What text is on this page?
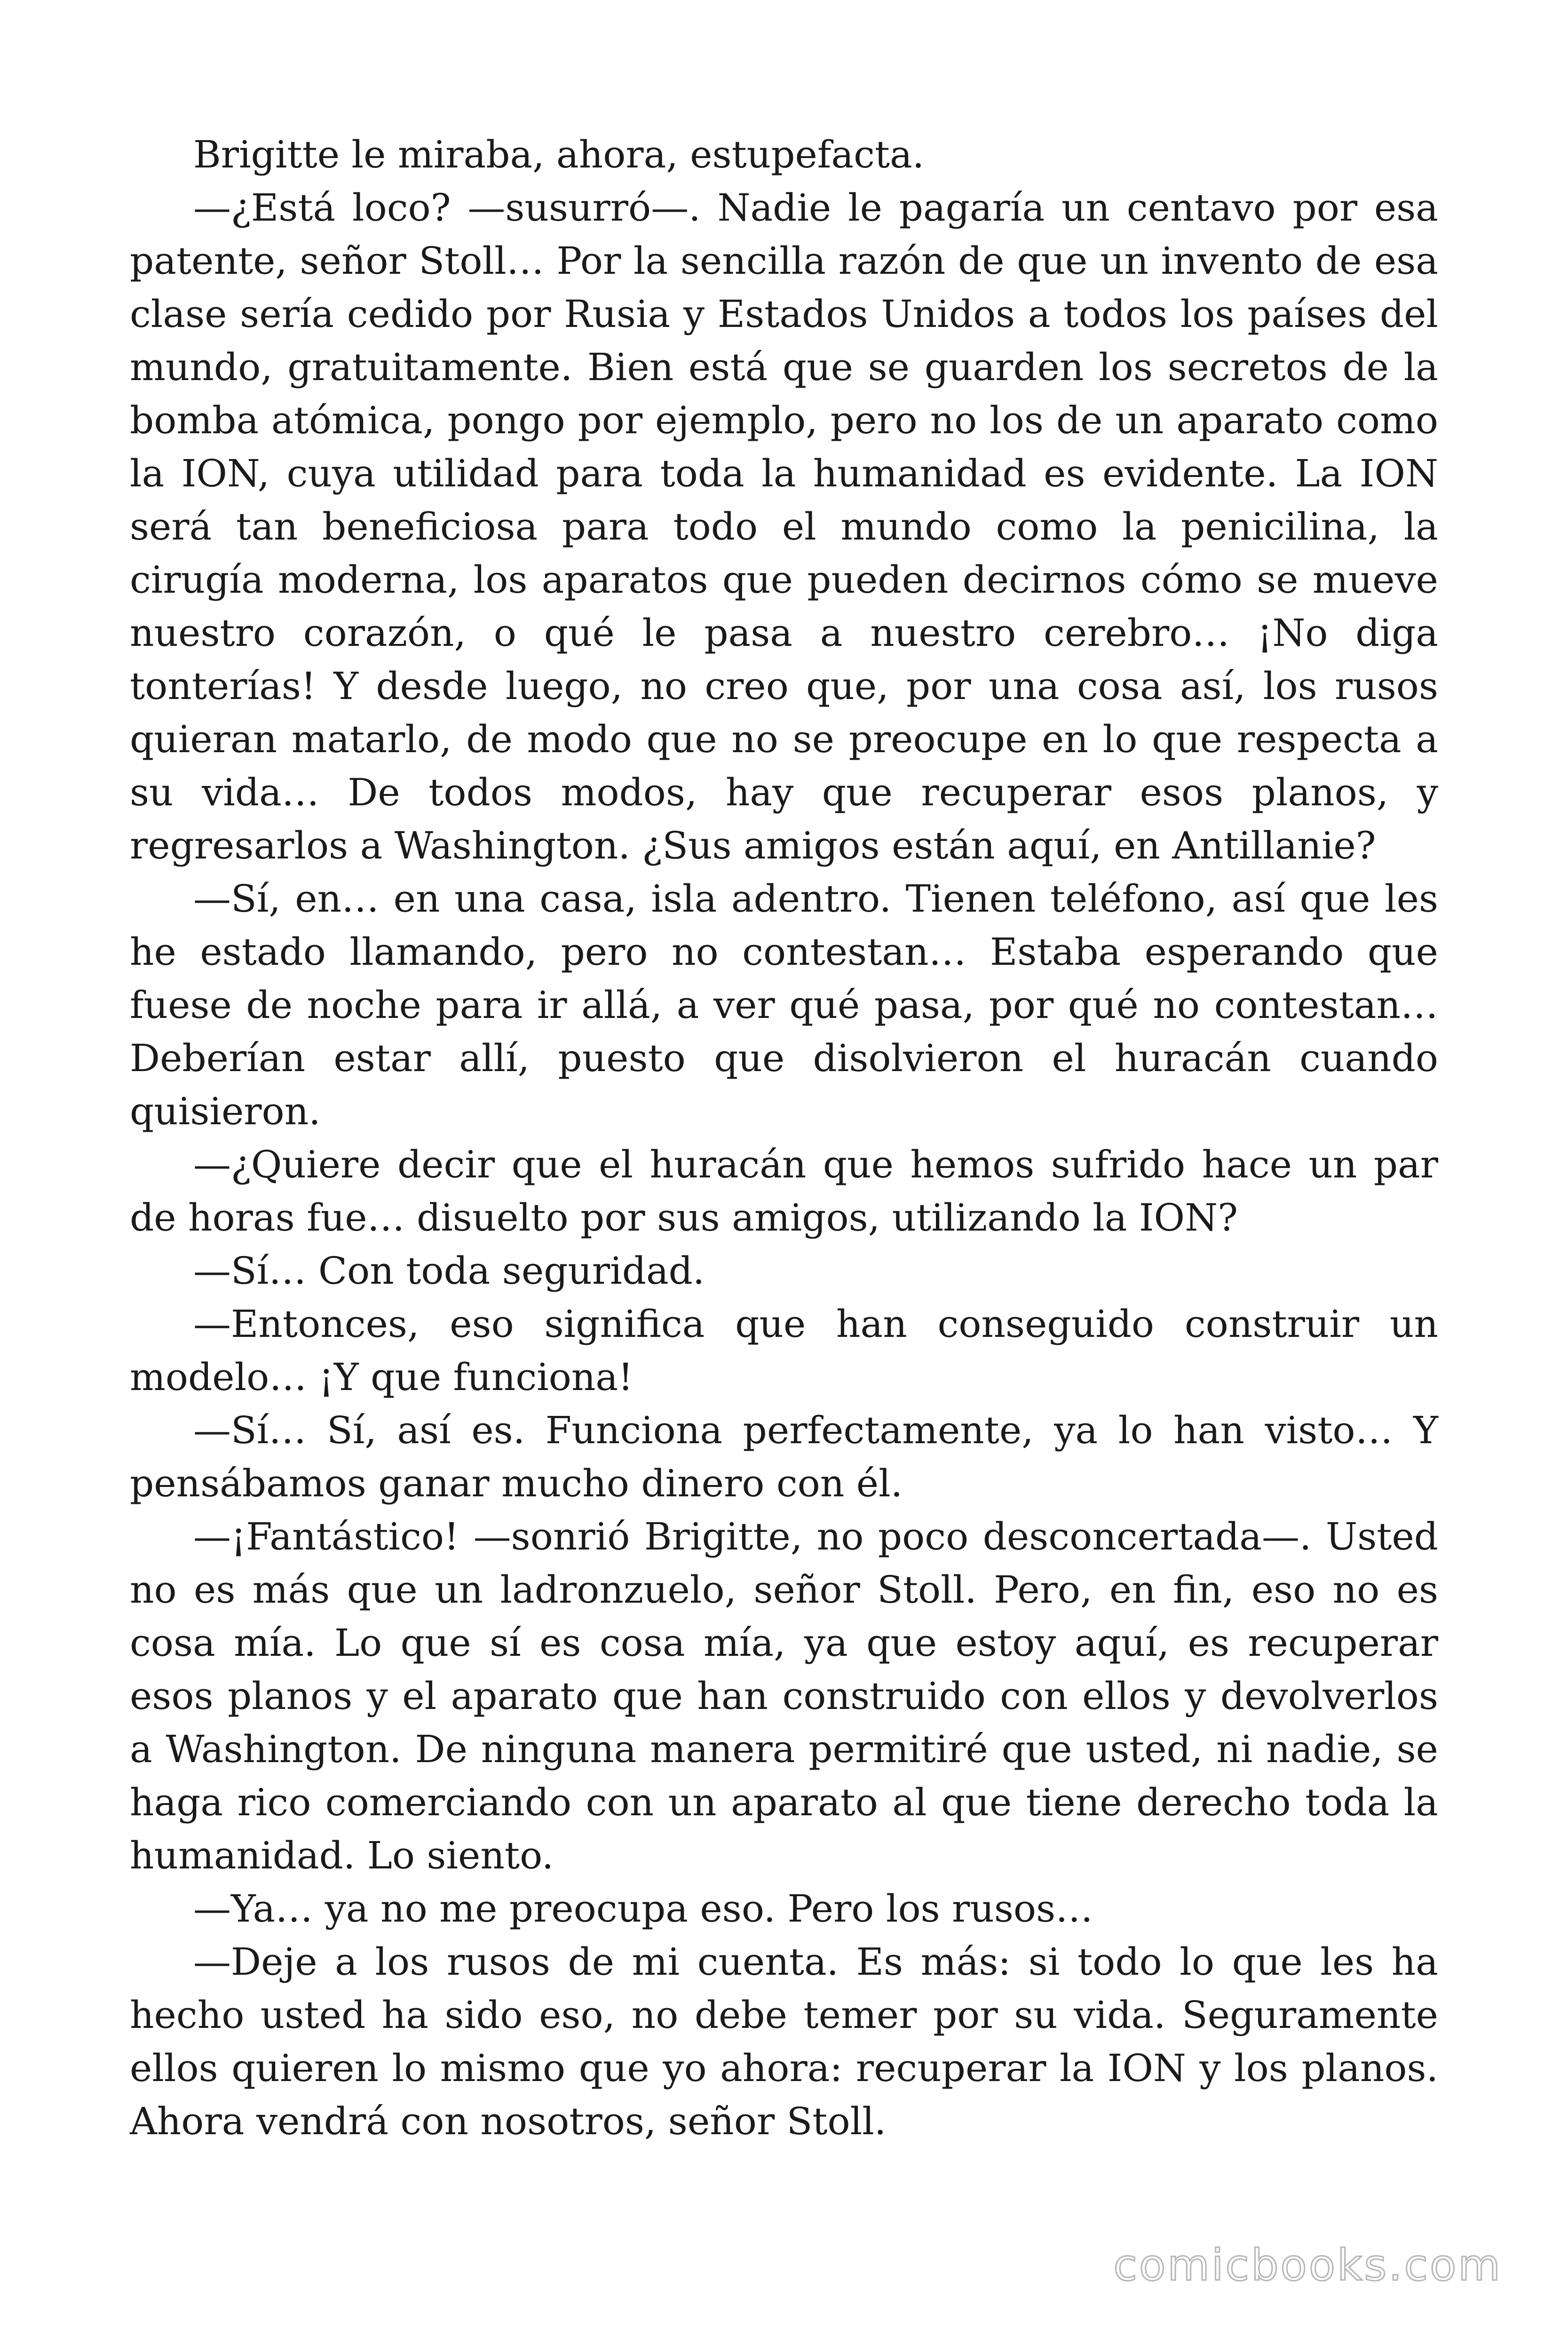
Brigitte le miraba, ahora, estupefacta.

—¿Está loco? —susurró—. Nadie le pagaría un centavo por esa patente, señor Stoll… Por la sencilla razón de que un invento de esa clase sería cedido por Rusia y Estados Unidos a todos los países del mundo, gratuitamente. Bien está que se guarden los secretos de la bomba atómica, pongo por ejemplo, pero no los de un aparato como la ION, cuya utilidad para toda la humanidad es evidente. La ION será tan beneficiosa para todo el mundo como la penicilina, la cirugía moderna, los aparatos que pueden decirnos cómo se mueve nuestro corazón, o qué le pasa a nuestro cerebro… ¡No diga tonterías! Y desde luego, no creo que, por una cosa así, los rusos quieran matarlo, de modo que no se preocupe en lo que respecta a su vida… De todos modos, hay que recuperar esos planos, y regresarlos a Washington. ¿Sus amigos están aquí, en Antillanie?

—Sí, en… en una casa, isla adentro. Tienen teléfono, así que les he estado llamando, pero no contestan… Estaba esperando que fuese de noche para ir allá, a ver qué pasa, por qué no contestan… Deberían estar allí, puesto que disolvieron el huracán cuando quisieron.

—¿Quiere decir que el huracán que hemos sufrido hace un par de horas fue… disuelto por sus amigos, utilizando la ION?

—Sí… Con toda seguridad.

—Entonces, eso significa que han conseguido construir un modelo… ¡Y que funciona!

—Sí… Sí, así es. Funciona perfectamente, ya lo han visto… Y pensábamos ganar mucho dinero con él.

—¡Fantástico! —sonrió Brigitte, no poco desconcertada—. Usted no es más que un ladronzuelo, señor Stoll. Pero, en fin, eso no es cosa mía. Lo que sí es cosa mía, ya que estoy aquí, es recuperar esos planos y el aparato que han construido con ellos y devolverlos a Washington. De ninguna manera permitiré que usted, ni nadie, se haga rico comerciando con un aparato al que tiene derecho toda la humanidad. Lo siento.

—Ya… ya no me preocupa eso. Pero los rusos…

—Deje a los rusos de mi cuenta. Es más: si todo lo que les ha hecho usted ha sido eso, no debe temer por su vida. Seguramente ellos quieren lo mismo que yo ahora: recuperar la ION y los planos. Ahora vendrá con nosotros, señor Stoll.

comicbooks.com
